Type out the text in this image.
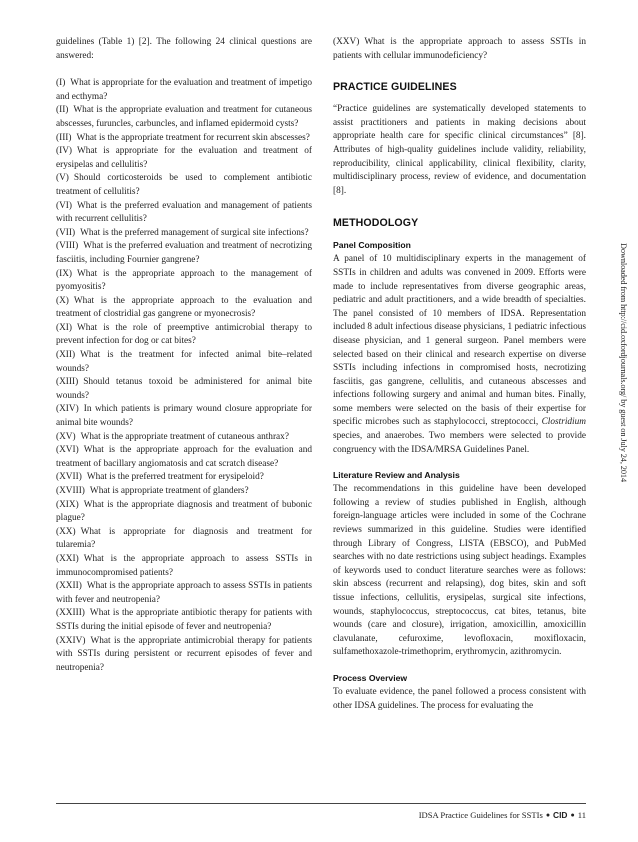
guidelines (Table 1) [2]. The following 24 clinical questions are answered:

(I) What is appropriate for the evaluation and treatment of impetigo and ecthyma?

(II) What is the appropriate evaluation and treatment for cutaneous abscesses, furuncles, carbuncles, and inflamed epidermoid cysts?

(III) What is the appropriate treatment for recurrent skin abscesses?

(IV) What is appropriate for the evaluation and treatment of erysipelas and cellulitis?

(V) Should corticosteroids be used to complement antibiotic treatment of cellulitis?

(VI) What is the preferred evaluation and management of patients with recurrent cellulitis?

(VII) What is the preferred management of surgical site infections?

(VIII) What is the preferred evaluation and treatment of necrotizing fasciitis, including Fournier gangrene?

(IX) What is the appropriate approach to the management of pyomyositis?

(X) What is the appropriate approach to the evaluation and treatment of clostridial gas gangrene or myonecrosis?

(XI) What is the role of preemptive antimicrobial therapy to prevent infection for dog or cat bites?

(XII) What is the treatment for infected animal bite–related wounds?

(XIII) Should tetanus toxoid be administered for animal bite wounds?

(XIV) In which patients is primary wound closure appropriate for animal bite wounds?

(XV) What is the appropriate treatment of cutaneous anthrax?

(XVI) What is the appropriate approach for the evaluation and treatment of bacillary angiomatosis and cat scratch disease?

(XVII) What is the preferred treatment for erysipeloid?

(XVIII) What is appropriate treatment of glanders?

(XIX) What is the appropriate diagnosis and treatment of bubonic plague?

(XX) What is appropriate for diagnosis and treatment for tularemia?

(XXI) What is the appropriate approach to assess SSTIs in immunocompromised patients?

(XXII) What is the appropriate approach to assess SSTIs in patients with fever and neutropenia?

(XXIII) What is the appropriate antibiotic therapy for patients with SSTIs during the initial episode of fever and neutropenia?

(XXIV) What is the appropriate antimicrobial therapy for patients with SSTIs during persistent or recurrent episodes of fever and neutropenia?

(XXV) What is the appropriate approach to assess SSTIs in patients with cellular immunodeficiency?

PRACTICE GUIDELINES

“Practice guidelines are systematically developed statements to assist practitioners and patients in making decisions about appropriate health care for specific clinical circumstances” [8]. Attributes of high-quality guidelines include validity, reliability, reproducibility, clinical applicability, clinical flexibility, clarity, multidisciplinary process, review of evidence, and documentation [8].

METHODOLOGY
Panel Composition

A panel of 10 multidisciplinary experts in the management of SSTIs in children and adults was convened in 2009. Efforts were made to include representatives from diverse geographic areas, pediatric and adult practitioners, and a wide breadth of specialties. The panel consisted of 10 members of IDSA. Representation included 8 adult infectious disease physicians, 1 pediatric infectious disease physician, and 1 general surgeon. Panel members were selected based on their clinical and research expertise on diverse SSTIs including infections in compromised hosts, necrotizing fasciitis, gas gangrene, cellulitis, and cutaneous abscesses and infections following surgery and animal and human bites. Finally, some members were selected on the basis of their expertise for specific microbes such as staphylococci, streptococci, Clostridium species, and anaerobes. Two members were selected to provide congruency with the IDSA/MRSA Guidelines Panel.

Literature Review and Analysis

The recommendations in this guideline have been developed following a review of studies published in English, although foreign-language articles were included in some of the Cochrane reviews summarized in this guideline. Studies were identified through Library of Congress, LISTA (EBSCO), and PubMed searches with no date restrictions using subject headings. Examples of keywords used to conduct literature searches were as follows: skin abscess (recurrent and relapsing), dog bites, skin and soft tissue infections, cellulitis, erysipelas, surgical site infections, wounds, staphylococcus, streptococcus, cat bites, tetanus, bite wounds (care and closure), irrigation, amoxicillin, amoxicillin clavulanate, cefuroxime, levofloxacin, moxifloxacin, sulfamethoxazole-trimethoprim, erythromycin, azithromycin.

Process Overview

To evaluate evidence, the panel followed a process consistent with other IDSA guidelines. The process for evaluating the

IDSA Practice Guidelines for SSTIs ● CID ● 11
Downloaded from http://cid.oxfordjournals.org/ by guest on July 24, 2014
